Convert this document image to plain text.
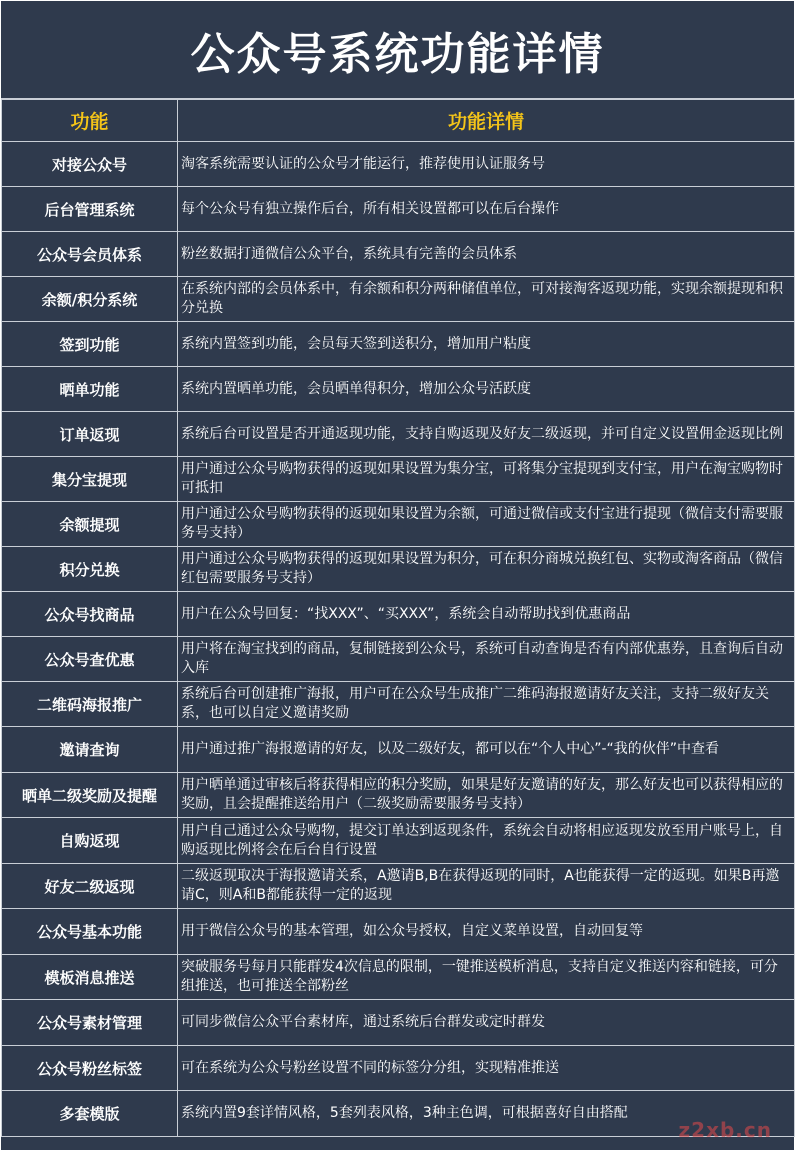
公众号系统功能详情
功能	功能详情
对接公众号	淘客系统需要认证的公众号才能运行，推荐使用认证服务号
后台管理系统	每个公众号有独立操作后台，所有相关设置都可以在后台操作
公众号会员体系	粉丝数据打通微信公众平台，系统具有完善的会员体系
余额/积分系统	在系统内部的会员体系中，有余额和积分两种储值单位，可对接淘客返现功能，实现余额提现和积分兑换
签到功能	系统内置签到功能，会员每天签到送积分，增加用户粘度
晒单功能	系统内置晒单功能，会员晒单得积分，增加公众号活跃度
订单返现	系统后台可设置是否开通返现功能，支持自购返现及好友二级返现，并可自定义设置佣金返现比例
集分宝提现	用户通过公众号购物获得的返现如果设置为集分宝，可将集分宝提现到支付宝，用户在淘宝购物时可抵扣
余额提现	用户通过公众号购物获得的返现如果设置为余额，可通过微信或支付宝进行提现（微信支付需要服务号支持）
积分兑换	用户通过公众号购物获得的返现如果设置为积分，可在积分商城兑换红包、实物或淘客商品（微信红包需要服务号支持）
公众号找商品	用户在公众号回复：“找XXX”、“买XXX”，系统会自动帮助找到优惠商品
公众号查优惠	用户将在淘宝找到的商品，复制链接到公众号，系统可自动查询是否有内部优惠券，且查询后自动入库
二维码海报推广	系统后台可创建推广海报，用户可在公众号生成推广二维码海报邀请好友关注，支持二级好友关系，也可以自定义邀请奖励
邀请查询	用户通过推广海报邀请的好友，以及二级好友，都可以在“个人中心”-“我的伙伴”中查看
晒单二级奖励及提醒	用户晒单通过审核后将获得相应的积分奖励，如果是好友邀请的好友，那么好友也可以获得相应的奖励，且会提醒推送给用户（二级奖励需要服务号支持）
自购返现	用户自己通过公众号购物，提交订单达到返现条件，系统会自动将相应返现发放至用户账号上，自购返现比例将会在后台自行设置
好友二级返现	二级返现取决于海报邀请关系，A邀请B,B在获得返现的同时，A也能获得一定的返现。如果B再邀请C，则A和B都能获得一定的返现
公众号基本功能	用于微信公众号的基本管理，如公众号授权，自定义菜单设置，自动回复等
模板消息推送	突破服务号每月只能群发4次信息的限制，一键推送模析消息，支持自定义推送内容和链接，可分组推送，也可推送全部粉丝
公众号素材管理	可同步微信公众平台素材库，通过系统后台群发或定时群发
公众号粉丝标签	可在系统为公众号粉丝设置不同的标签分分组，实现精准推送
多套模版	系统内置9套详情风格，5套列表风格，3种主色调，可根据喜好自由搭配
z2xb.cn
